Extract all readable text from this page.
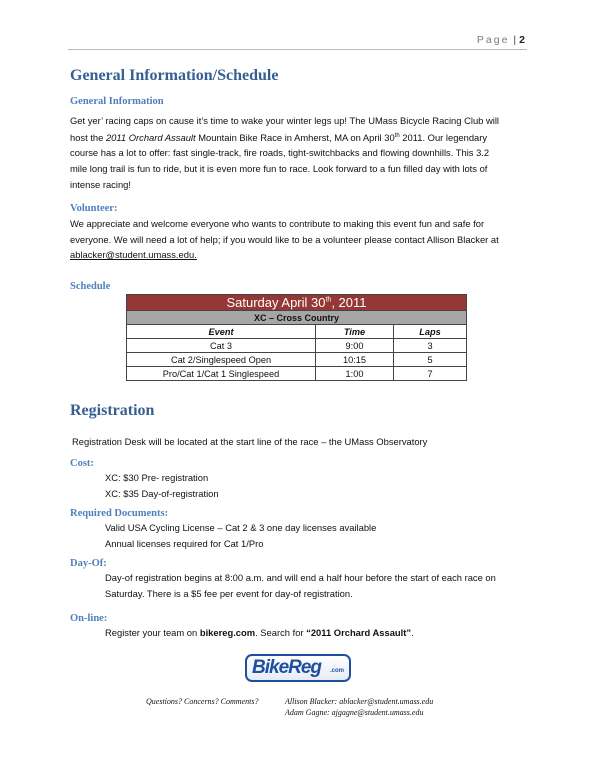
Page | 2
General Information/Schedule
General Information
Get yer’ racing caps on cause it’s time to wake your winter legs up! The UMass Bicycle Racing Club will
host the 2011 Orchard Assault Mountain Bike Race in Amherst, MA on April 30th 2011. Our legendary
course has a lot to offer: fast single-track, fire roads, tight-switchbacks and flowing downhills. This 3.2
mile long trail is fun to ride, but it is even more fun to race. Look forward to a fun filled day with lots of
intense racing!
Volunteer:
We appreciate and welcome everyone who wants to contribute to making this event fun and safe for
everyone. We will need a lot of help; if you would like to be a volunteer please contact Allison Blacker at
ablacker@student.umass.edu.
Schedule
Saturday April 30th, 2011		
XC – Cross Country		
Event	Time	Laps
Cat 3	9:00	3
Cat 2/Singlespeed Open	10:15	5
Pro/Cat 1/Cat 1 Singlespeed	1:00	7
Registration
Registration Desk will be located at the start line of the race – the UMass Observatory
Cost:
XC: $30 Pre- registration
XC: $35 Day-of-registration
Required Documents:
Valid USA Cycling License – Cat 2 & 3 one day licenses available
Annual licenses required for Cat 1/Pro
Day-Of:
Day-of registration begins at 8:00 a.m. and will end a half hour before the start of each race on
Saturday. There is a $5 fee per event for day-of registration.
On-line:
Register your team on bikereg.com. Search for “2011 Orchard Assault”.
BikeReg .com
Questions? Concerns? Comments?	Allison Blacker: ablacker@student.umass.edu
Adam Gagne: ajgagne@student.umass.edu
